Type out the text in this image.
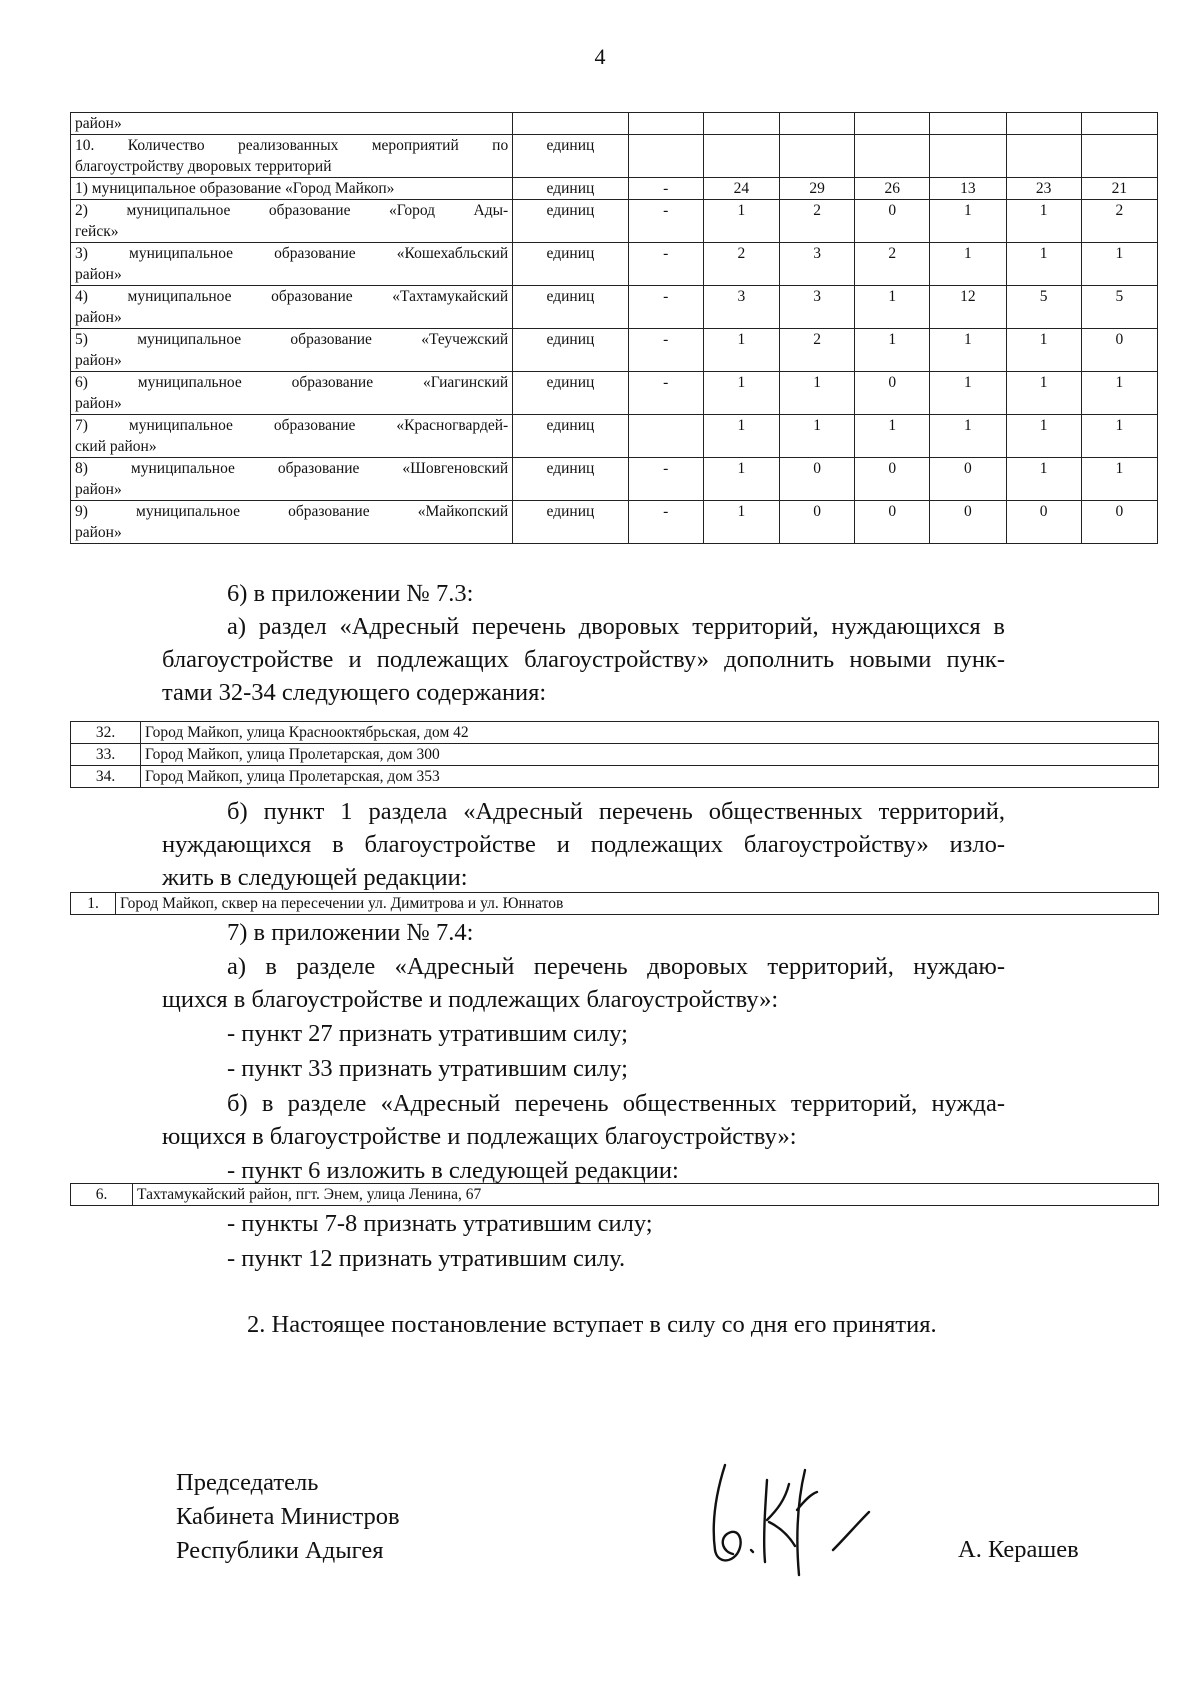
4
район»								

10. Количество реализованных мероприятий по
благоустройству дворовых территорий	единиц							

1) муниципальное образование «Город Майкоп»	единиц	-	24	29	26	13	23	21

2) муниципальное образование «Город Ады-
гейск»	единиц	-	1	2	0	1	1	2

3) муниципальное образование «Кошехабльский
район»	единиц	-	2	3	2	1	1	1

4) муниципальное образование «Тахтамукайский
район»	единиц	-	3	3	1	12	5	5

5) муниципальное образование «Теучежский
район»	единиц	-	1	2	1	1	1	0

6) муниципальное образование «Гиагинский
район»	единиц	-	1	1	0	1	1	1

7) муниципальное образование «Красногвардей-
ский район»	единиц		1	1	1	1	1	1

8) муниципальное образование «Шовгеновский
район»	единиц	-	1	0	0	0	1	1

9) муниципальное образование «Майкопский
район»	единиц	-	1	0	0	0	0	0
6) в приложении № 7.3:
а) раздел «Адресный перечень дворовых территорий, нуждающихся в
благоустройстве и подлежащих благоустройству» дополнить новыми пунк-
тами 32-34 следующего содержания:
32.	Город Майкоп, улица Краснооктябрьская, дом 42
33.	Город Майкоп, улица Пролетарская, дом 300
34.	Город Майкоп, улица Пролетарская, дом 353
б) пункт 1 раздела «Адресный перечень общественных территорий,
нуждающихся в благоустройстве и подлежащих благоустройству» изло-
жить в следующей редакции:
1.	Город Майкоп, сквер на пересечении ул. Димитрова и ул. Юннатов
7) в приложении № 7.4:
а) в разделе «Адресный перечень дворовых территорий, нуждаю-
щихся в благоустройстве и подлежащих благоустройству»:
- пункт 27 признать утратившим силу;
- пункт 33 признать утратившим силу;
б) в разделе «Адресный перечень общественных территорий, нужда-
ющихся в благоустройстве и подлежащих благоустройству»:
- пункт 6 изложить в следующей редакции:
6.	Тахтамукайский район, пгт. Энем, улица Ленина, 67
- пункты 7-8 признать утратившим силу;
- пункт 12 признать утратившим силу.
2. Настоящее постановление вступает в силу со дня его принятия.
Председатель
Кабинета Министров
Республики Адыгея	А. Керашев
